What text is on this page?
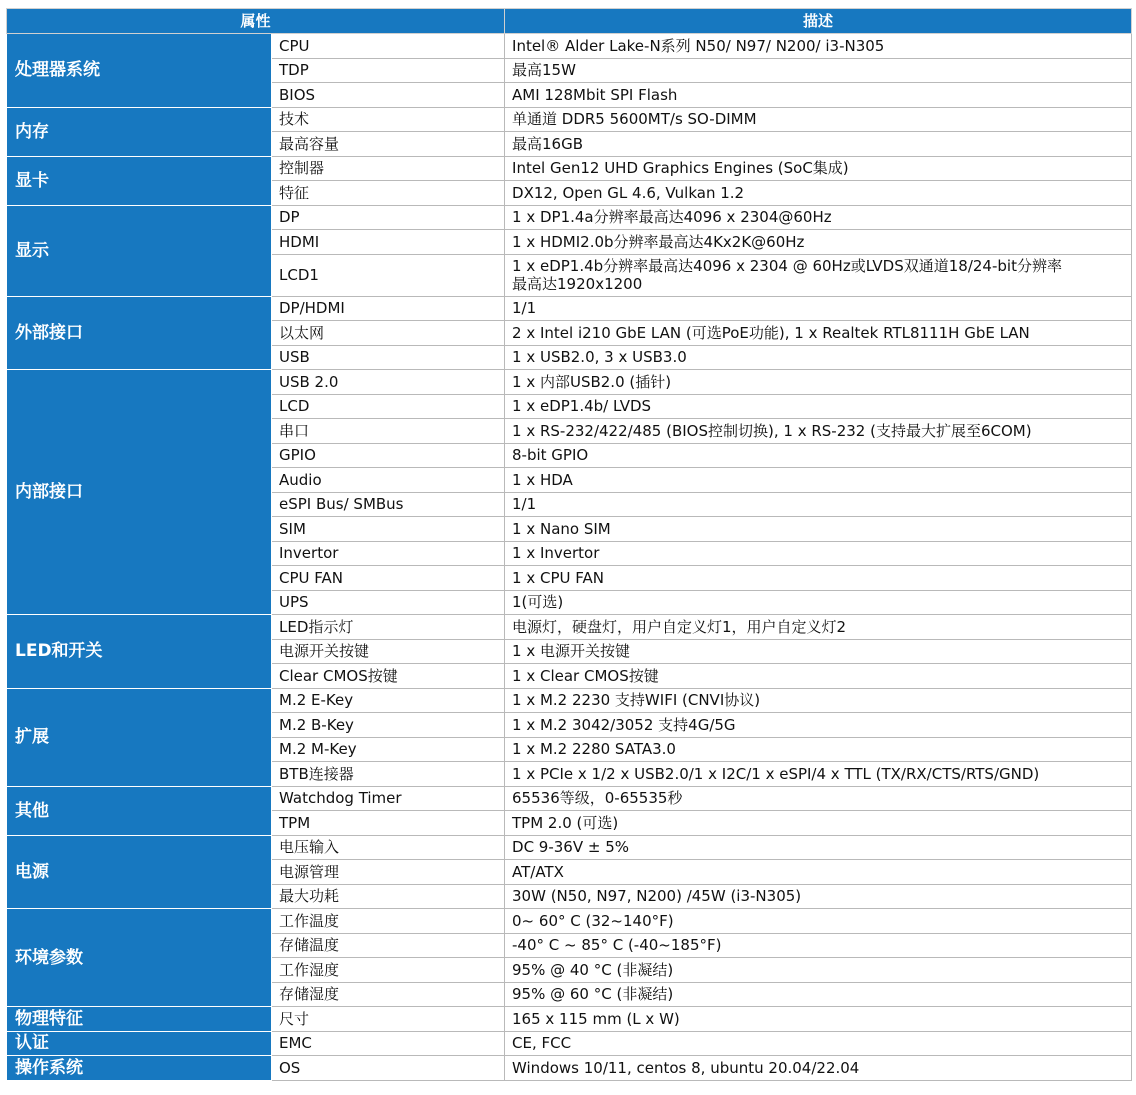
属性		描述
处理器系统	CPU	Intel® Alder Lake-N系列 N50/ N97/ N200/ i3-N305

	TDP	最高15W

	BIOS	AMI 128Mbit SPI Flash

内存	技术	单通道 DDR5 5600MT/s SO-DIMM

	最高容量	最高16GB

显卡	控制器	Intel Gen12 UHD Graphics Engines (SoC集成)

	特征	DX12, Open GL 4.6, Vulkan 1.2

显示	DP	1 x DP1.4a分辨率最高达4096 x 2304@60Hz

	HDMI	1 x HDMI2.0b分辨率最高达4Kx2K@60Hz

	LCD1	1 x eDP1.4b分辨率最高达4096 x 2304 @ 60Hz或LVDS双通道18/24-bit分辨率
最高达1920x1200

外部接口	DP/HDMI	1/1

	以太网	2 x Intel i210 GbE LAN (可选PoE功能), 1 x Realtek RTL8111H GbE LAN

	USB	1 x USB2.0, 3 x USB3.0

内部接口	USB 2.0	1 x 内部USB2.0 (插针)

	LCD	1 x eDP1.4b/ LVDS

	串口	1 x RS-232/422/485 (BIOS控制切换), 1 x RS-232 (支持最大扩展至6COM)

	GPIO	8-bit GPIO

	Audio	1 x HDA

	eSPI Bus/ SMBus	1/1

	SIM	1 x Nano SIM

	Invertor	1 x Invertor

	CPU FAN	1 x CPU FAN

	UPS	1(可选)

LED和开关	LED指示灯	电源灯，硬盘灯，用户自定义灯1，用户自定义灯2

	电源开关按键	1 x 电源开关按键

	Clear CMOS按键	1 x Clear CMOS按键

扩展	M.2 E-Key	1 x M.2 2230 支持WIFI (CNVI协议)

	M.2 B-Key	1 x M.2 3042/3052 支持4G/5G

	M.2 M-Key	1 x M.2 2280 SATA3.0

	BTB连接器	1 x PCIe x 1/2 x USB2.0/1 x I2C/1 x eSPI/4 x TTL (TX/RX/CTS/RTS/GND)

其他	Watchdog Timer	65536等级，0-65535秒

	TPM	TPM 2.0 (可选)

电源	电压输入	DC 9-36V ± 5%

	电源管理	AT/ATX

	最大功耗	30W (N50, N97, N200) /45W (i3-N305)

环境参数	工作温度	0~ 60° C (32~140°F)

	存储温度	-40° C ~ 85° C (-40~185°F)

	工作湿度	95% @ 40 °C (非凝结)

	存储湿度	95% @ 60 °C (非凝结)

物理特征	尺寸	165 x 115 mm (L x W)

认证	EMC	CE, FCC

操作系统	OS	Windows 10/11, centos 8, ubuntu 20.04/22.04
